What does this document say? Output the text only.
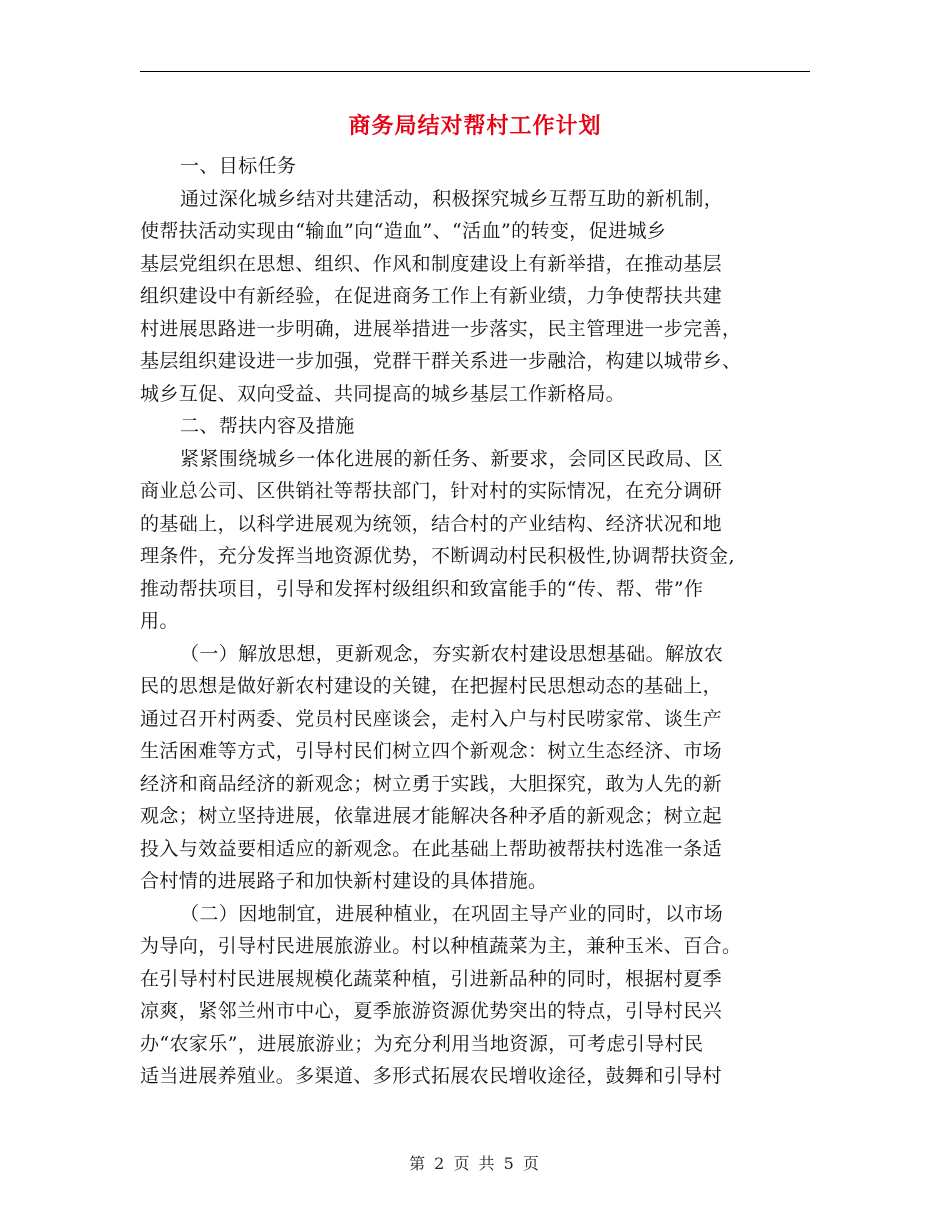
商务局结对帮村工作计划
一、目标任务
通过深化城乡结对共建活动，积极探究城乡互帮互助的新机制，
使帮扶活动实现由“输血”向“造血”、“活血”的转变，促进城乡
基层党组织在思想、组织、作风和制度建设上有新举措，在推动基层
组织建设中有新经验，在促进商务工作上有新业绩，力争使帮扶共建
村进展思路进一步明确，进展举措进一步落实，民主管理进一步完善，
基层组织建设进一步加强，党群干群关系进一步融洽，构建以城带乡、
城乡互促、双向受益、共同提高的城乡基层工作新格局。
二、帮扶内容及措施
紧紧围绕城乡一体化进展的新任务、新要求，会同区民政局、区
商业总公司、区供销社等帮扶部门，针对村的实际情况，在充分调研
的基础上，以科学进展观为统领，结合村的产业结构、经济状况和地
理条件，充分发挥当地资源优势，不断调动村民积极性,协调帮扶资金,
推动帮扶项目，引导和发挥村级组织和致富能手的“传、帮、带”作
用。
（一）解放思想，更新观念，夯实新农村建设思想基础。解放农
民的思想是做好新农村建设的关键，在把握村民思想动态的基础上，
通过召开村两委、党员村民座谈会，走村入户与村民唠家常、谈生产
生活困难等方式，引导村民们树立四个新观念：树立生态经济、市场
经济和商品经济的新观念；树立勇于实践，大胆探究，敢为人先的新
观念；树立坚持进展，依靠进展才能解决各种矛盾的新观念；树立起
投入与效益要相适应的新观念。在此基础上帮助被帮扶村选准一条适
合村情的进展路子和加快新村建设的具体措施。
（二）因地制宜，进展种植业，在巩固主导产业的同时，以市场
为导向，引导村民进展旅游业。村以种植蔬菜为主，兼种玉米、百合。
在引导村村民进展规模化蔬菜种植，引进新品种的同时，根据村夏季
凉爽，紧邻兰州市中心，夏季旅游资源优势突出的特点，引导村民兴
办“农家乐”，进展旅游业；为充分利用当地资源，可考虑引导村民
适当进展养殖业。多渠道、多形式拓展农民增收途径，鼓舞和引导村
第 2 页 共 5 页
